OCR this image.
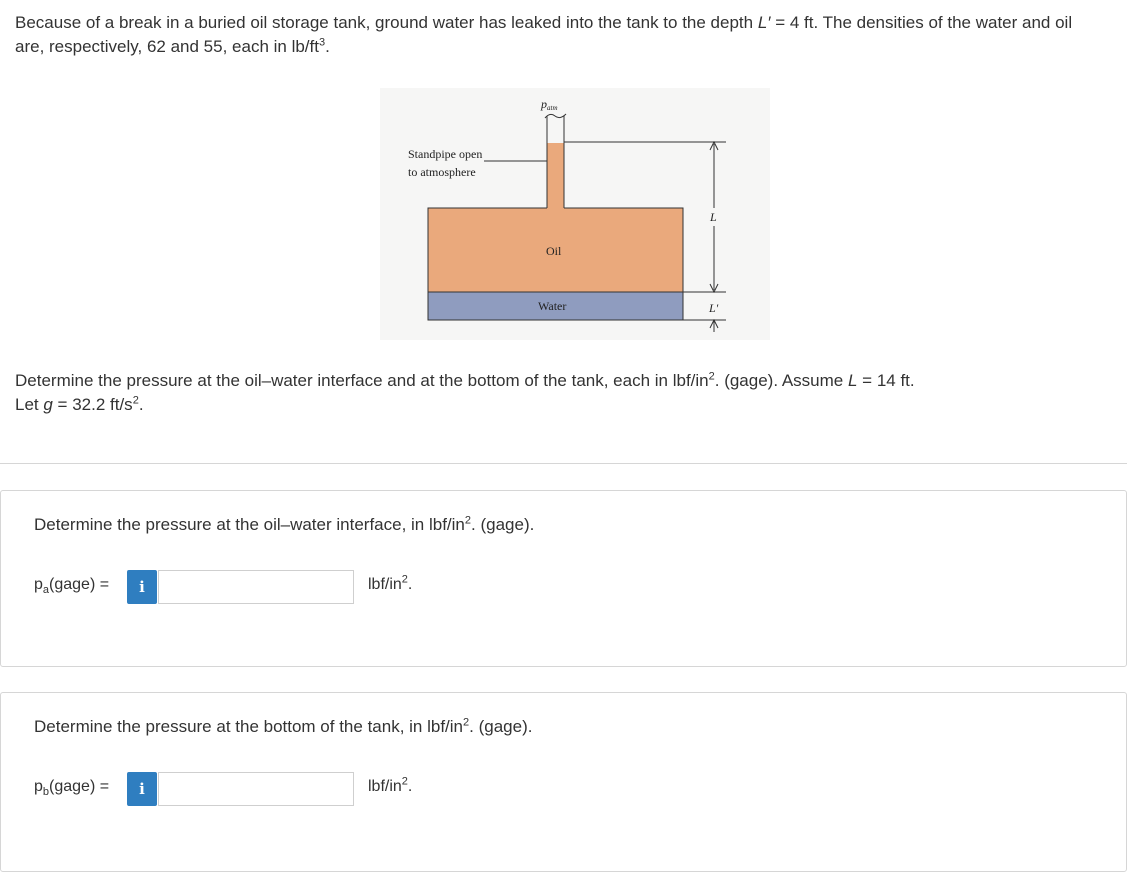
Because of a break in a buried oil storage tank, ground water has leaked into the tank to the depth L′ = 4 ft. The densities of the water and oil are, respectively, 62 and 55, each in $lb/ft^3$.
patm
Standpipe open
to atmosphere
Oil
Water
L
L′
Determine the pressure at the oil–water interface and at the bottom of the tank, each in lbf/$in^2$. (gage). Assume L = 14 ft.
Let g = 32.2 $ft/s^2$.
Determine the pressure at the oil–water interface, in lbf/$in^2$. (gage).
$p_a(gage)$ =	i	lbf/$in^2$.
Determine the pressure at the bottom of the tank, in lbf/$in^2$. (gage).
$p_b(gage)$ =	i	lbf/$in^2$.
